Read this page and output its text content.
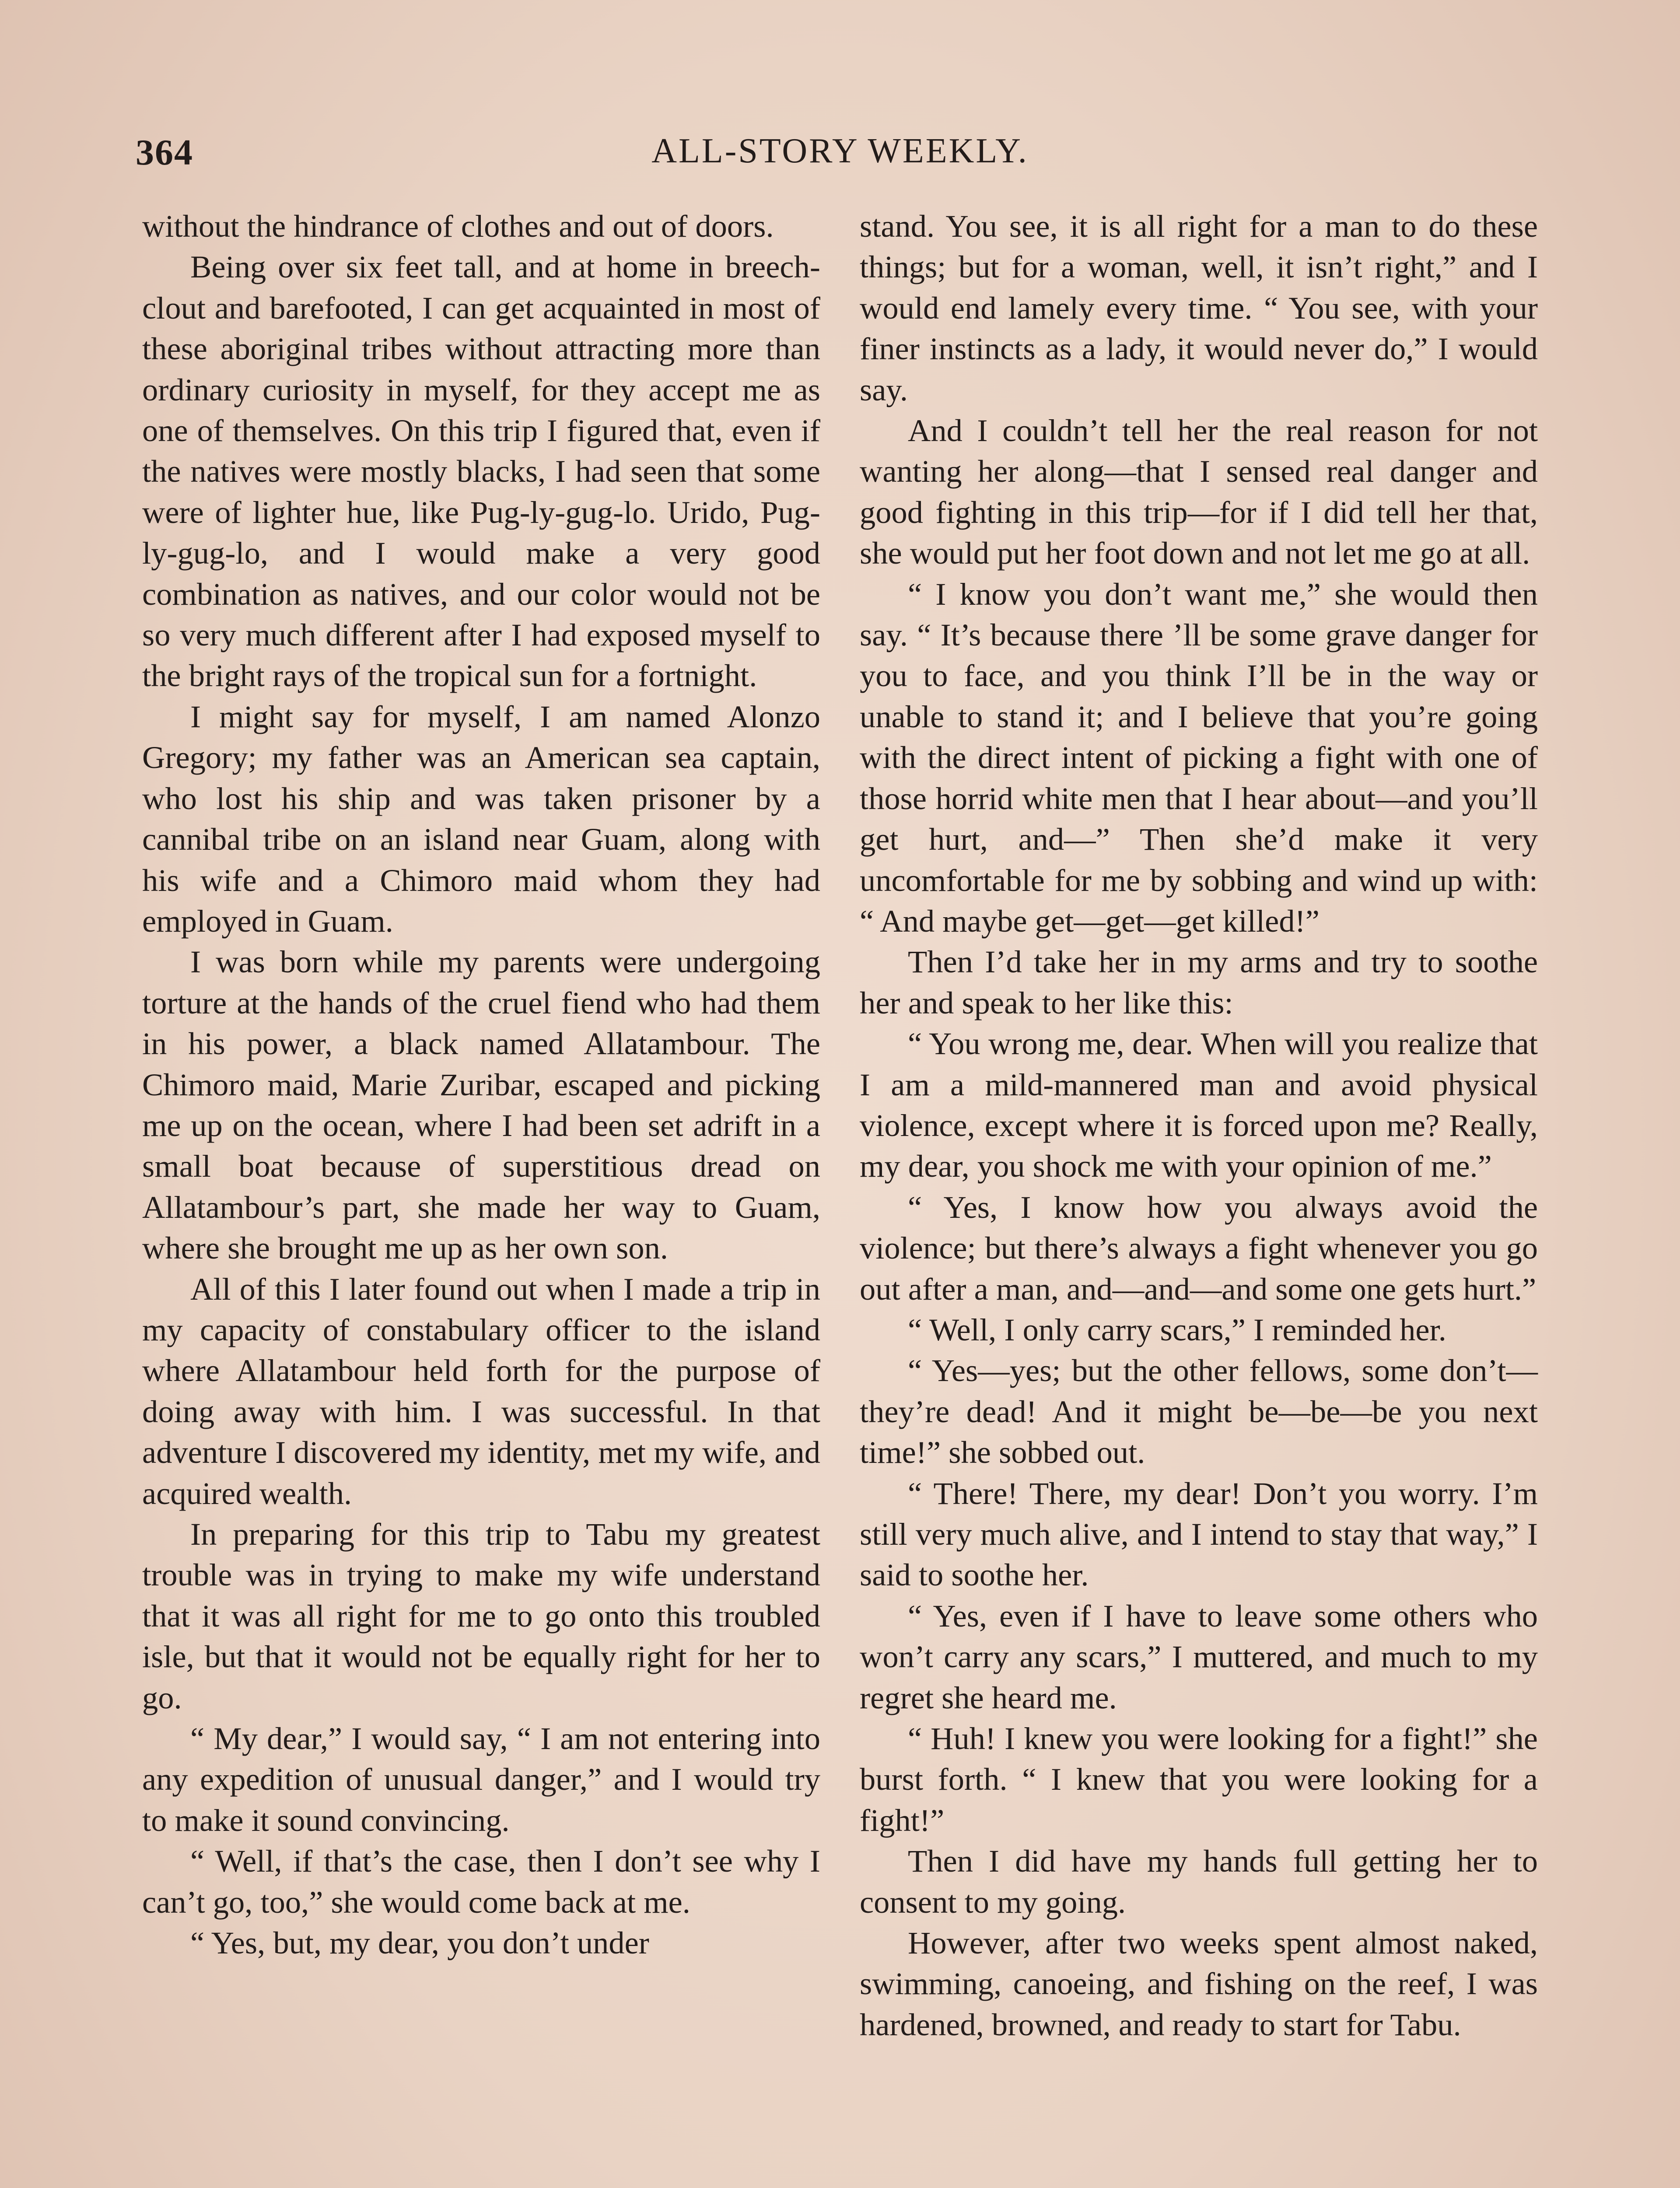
364	ALL-STORY WEEKLY.

without the hindrance of clothes and out of doors.

Being over six feet tall, and at home in breech-clout and barefooted, I can get acquainted in most of these aboriginal tribes without attracting more than ordinary curiosity in myself, for they accept me as one of themselves. On this trip I figured that, even if the natives were mostly blacks, I had seen that some were of lighter hue, like Pug-ly-gug-lo. Urido, Pug-ly-gug-lo, and I would make a very good combination as natives, and our color would not be so very much different after I had exposed myself to the bright rays of the tropical sun for a fortnight.

I might say for myself, I am named Alonzo Gregory; my father was an American sea captain, who lost his ship and was taken prisoner by a cannibal tribe on an island near Guam, along with his wife and a Chimoro maid whom they had employed in Guam.

I was born while my parents were undergoing torture at the hands of the cruel fiend who had them in his power, a black named Allatambour. The Chimoro maid, Marie Zuribar, escaped and picking me up on the ocean, where I had been set adrift in a small boat because of superstitious dread on Allatambour’s part, she made her way to Guam, where she brought me up as her own son.

All of this I later found out when I made a trip in my capacity of constabulary officer to the island where Allatambour held forth for the purpose of doing away with him. I was successful. In that adventure I discovered my identity, met my wife, and acquired wealth.

In preparing for this trip to Tabu my greatest trouble was in trying to make my wife understand that it was all right for me to go onto this troubled isle, but that it would not be equally right for her to go.

“ My dear,” I would say, “ I am not entering into any expedition of unusual danger,” and I would try to make it sound convincing.

“ Well, if that’s the case, then I don’t see why I can’t go, too,” she would come back at me.

“ Yes, but, my dear, you don’t under

stand. You see, it is all right for a man to do these things; but for a woman, well, it isn’t right,” and I would end lamely every time. “ You see, with your finer instincts as a lady, it would never do,” I would say.

And I couldn’t tell her the real reason for not wanting her along—that I sensed real danger and good fighting in this trip—for if I did tell her that, she would put her foot down and not let me go at all.

“ I know you don’t want me,” she would then say. “ It’s because there ’ll be some grave danger for you to face, and you think I’ll be in the way or unable to stand it; and I believe that you’re going with the direct intent of picking a fight with one of those horrid white men that I hear about—and you’ll get hurt, and—” Then she’d make it very uncomfortable for me by sobbing and wind up with: “ And maybe get—get—get killed!”

Then I’d take her in my arms and try to soothe her and speak to her like this:

“ You wrong me, dear. When will you realize that I am a mild-mannered man and avoid physical violence, except where it is forced upon me? Really, my dear, you shock me with your opinion of me.”

“ Yes, I know how you always avoid the violence; but there’s always a fight whenever you go out after a man, and—and—and some one gets hurt.”

“ Well, I only carry scars,” I reminded her.

“ Yes—yes; but the other fellows, some don’t—they’re dead! And it might be—be—be you next time!” she sobbed out.

“ There! There, my dear! Don’t you worry. I’m still very much alive, and I intend to stay that way,” I said to soothe her.

“ Yes, even if I have to leave some others who won’t carry any scars,” I muttered, and much to my regret she heard me.

“ Huh! I knew you were looking for a fight!” she burst forth. “ I knew that you were looking for a fight!”

Then I did have my hands full getting her to consent to my going.

However, after two weeks spent almost naked, swimming, canoeing, and fishing on the reef, I was hardened, browned, and ready to start for Tabu.
